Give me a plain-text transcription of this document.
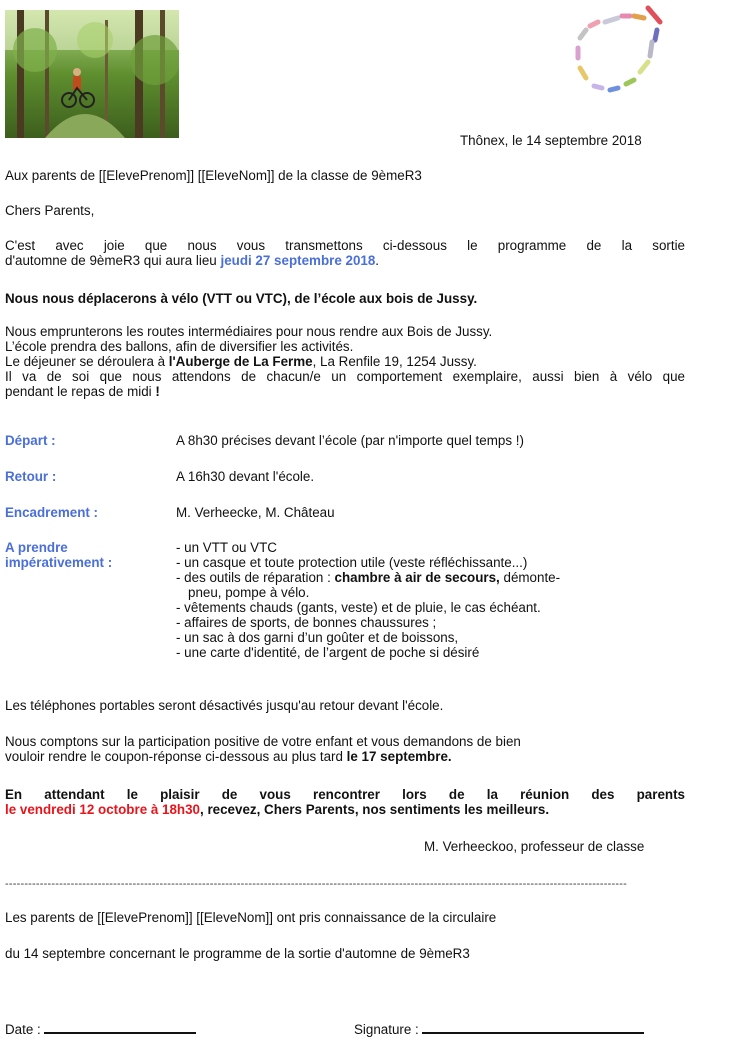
Thônex, le 14 septembre 2018
Aux parents de [[ElevePrenom]] [[EleveNom]] de la classe de 9èmeR3
Chers Parents,
C'est avec joie que nous vous transmettons ci-dessous le programme de la sortie
d'automne de 9èmeR3 qui aura lieu jeudi 27 septembre 2018.
Nous nous déplacerons à vélo (VTT ou VTC), de l’école aux bois de Jussy.
Nous emprunterons les routes intermédiaires pour nous rendre aux Bois de Jussy.
L’école prendra des ballons, afin de diversifier les activités.
Le déjeuner se déroulera à l'Auberge de La Ferme, La Renfile 19, 1254 Jussy.
Il va de soi que nous attendons de chacun/e un comportement exemplaire, aussi bien à vélo que
pendant le repas de midi !
Départ :	A 8h30 précises devant l’école (par n'importe quel temps !)
Retour :	A 16h30 devant l'école.
Encadrement :	M. Verheecke, M. Château
A prendre
impérativement :
- un VTT ou VTC
- un casque et toute protection utile (veste réfléchissante...)
- des outils de réparation : chambre à air de secours, démonte-
pneu, pompe à vélo.
- vêtements chauds (gants, veste) et de pluie, le cas échéant.
- affaires de sports, de bonnes chaussures ;
- un sac à dos garni d’un goûter et de boissons,
- une carte d'identité, de l’argent de poche si désiré
Les téléphones portables seront désactivés jusqu'au retour devant l'école.
Nous comptons sur la participation positive de votre enfant et vous demandons de bien
vouloir rendre le coupon-réponse ci-dessous au plus tard le 17 septembre.
En attendant le plaisir de vous rencontrer lors de la réunion des parents
le vendredi 12 octobre à 18h30, recevez, Chers Parents, nos sentiments les meilleurs.
M. Verheeckoo, professeur de classe
-----------------------------------------------------------------------------------------------------------------------------------------------------------------
Les parents de [[ElevePrenom]] [[EleveNom]] ont pris connaissance de la circulaire
du 14 septembre concernant le programme de la sortie d'automne de 9èmeR3
Date :	Signature :
